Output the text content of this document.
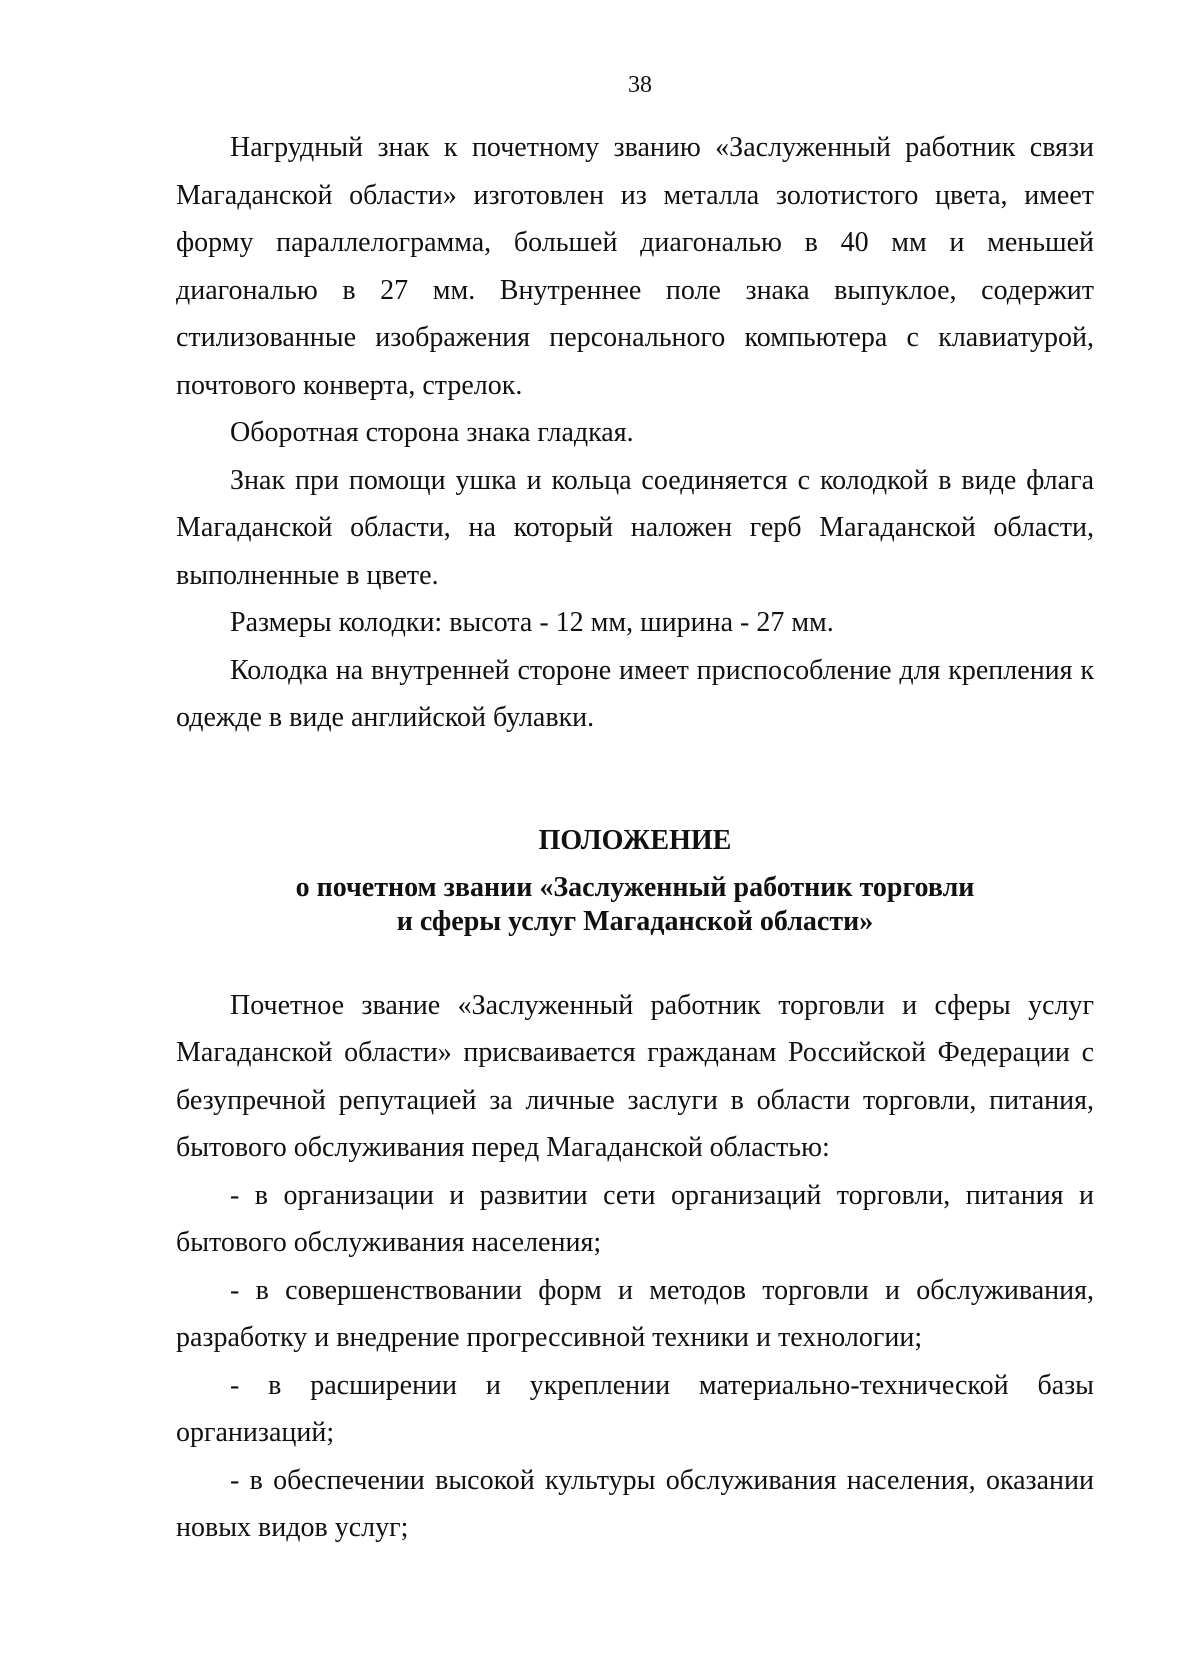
38

Нагрудный знак к почетному званию «Заслуженный работник связи Магаданской области» изготовлен из металла золотистого цвета, имеет форму параллелограмма, большей диагональю в 40 мм и меньшей диагональю в 27 мм. Внутреннее поле знака выпуклое, содержит стилизованные изображения персонального компьютера с клавиатурой, почтового конверта, стрелок.

Оборотная сторона знака гладкая.

Знак при помощи ушка и кольца соединяется с колодкой в виде флага Магаданской области, на который наложен герб Магаданской области, выполненные в цвете.

Размеры колодки: высота - 12 мм, ширина - 27 мм.

Колодка на внутренней стороне имеет приспособление для крепления к одежде в виде английской булавки.

ПОЛОЖЕНИЕ

о почетном звании «Заслуженный работник торговли

и сферы услуг Магаданской области»

Почетное звание «Заслуженный работник торговли и сферы услуг Магаданской области» присваивается гражданам Российской Федерации с безупречной репутацией за личные заслуги в области торговли, питания, бытового обслуживания перед Магаданской областью:

- в организации и развитии сети организаций торговли, питания и бытового обслуживания населения;

- в совершенствовании форм и методов торговли и обслуживания, разработку и внедрение прогрессивной техники и технологии;

- в расширении и укреплении материально-технической базы организаций;

- в обеспечении высокой культуры обслуживания населения, оказании новых видов услуг;
